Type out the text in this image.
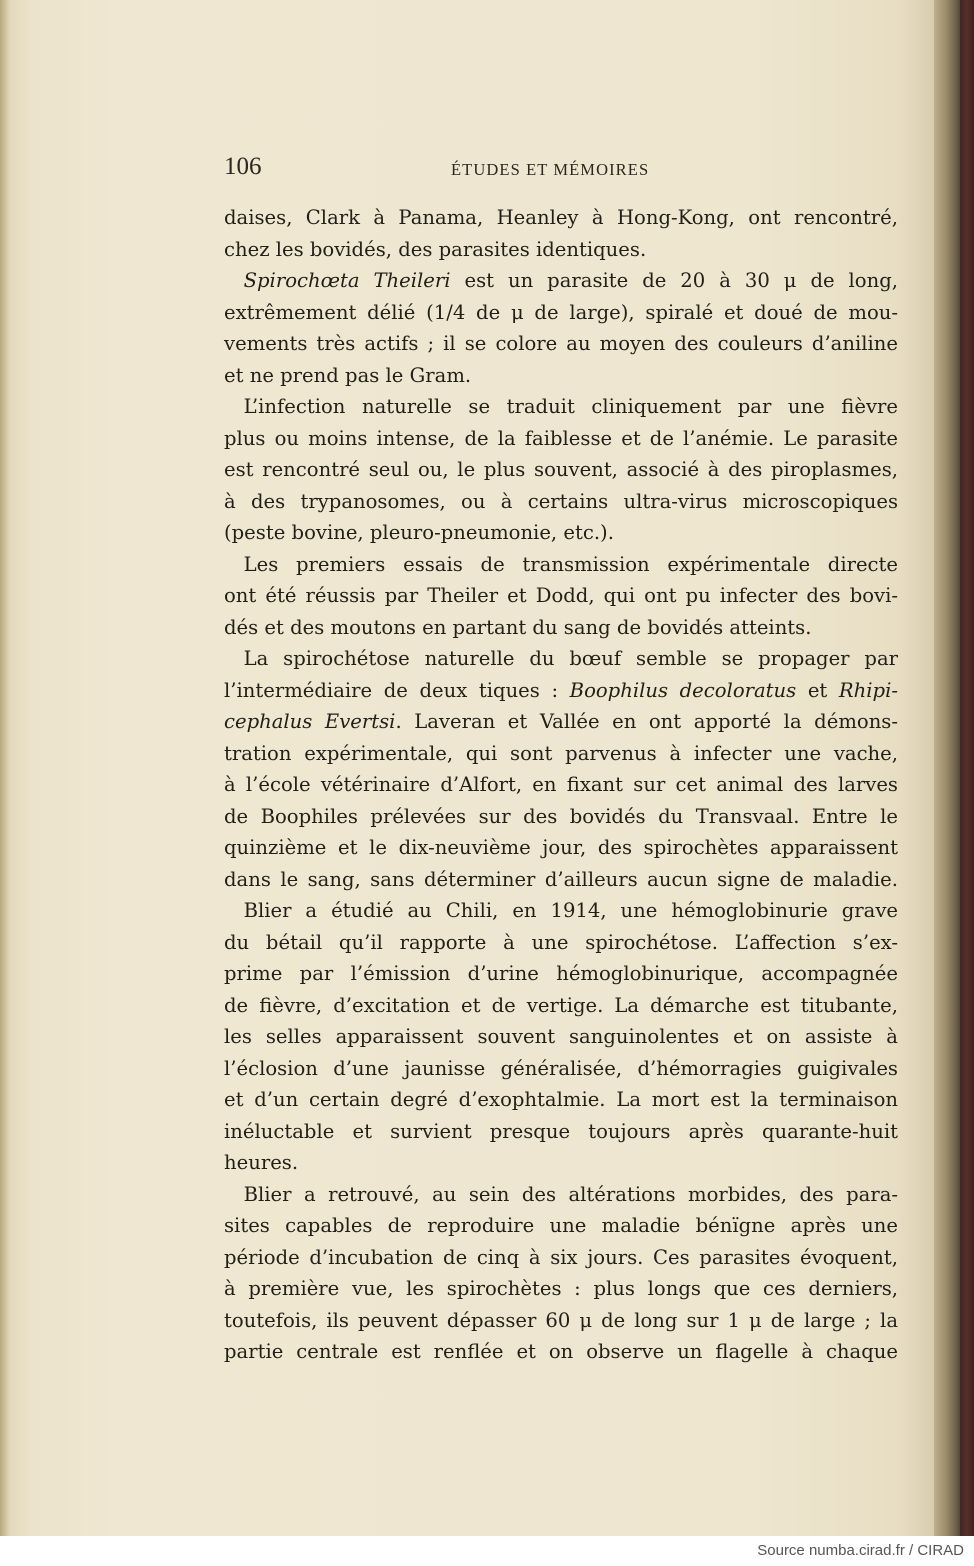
106	ÉTUDES ET MÉMOIRES
daises, Clark à Panama, Heanley à Hong-Kong, ont rencontré,
chez les bovidés, des parasites identiques.
 Spirochœta Theileri est un parasite de 20 à 30 μ de long,
extrêmement délié (1/4 de μ de large), spiralé et doué de mou-
vements très actifs ; il se colore au moyen des couleurs d’aniline
et ne prend pas le Gram.
 L’infection naturelle se traduit cliniquement par une fièvre
plus ou moins intense, de la faiblesse et de l’anémie. Le parasite
est rencontré seul ou, le plus souvent, associé à des piroplasmes,
à des trypanosomes, ou à certains ultra-virus microscopiques
(peste bovine, pleuro-pneumonie, etc.).
 Les premiers essais de transmission expérimentale directe
ont été réussis par Theiler et Dodd, qui ont pu infecter des bovi-
dés et des moutons en partant du sang de bovidés atteints.
 La spirochétose naturelle du bœuf semble se propager par
l’intermédiaire de deux tiques : Boophilus decoloratus et Rhipi-
cephalus Evertsi. Laveran et Vallée en ont apporté la démons-
tration expérimentale, qui sont parvenus à infecter une vache,
à l’école vétérinaire d’Alfort, en fixant sur cet animal des larves
de Boophiles prélevées sur des bovidés du Transvaal. Entre le
quinzième et le dix-neuvième jour, des spirochètes apparaissent
dans le sang, sans déterminer d’ailleurs aucun signe de maladie.
 Blier a étudié au Chili, en 1914, une hémoglobinurie grave
du bétail qu’il rapporte à une spirochétose. L’affection s’ex-
prime par l’émission d’urine hémoglobinurique, accompagnée
de fièvre, d’excitation et de vertige. La démarche est titubante,
les selles apparaissent souvent sanguinolentes et on assiste à
l’éclosion d’une jaunisse généralisée, d’hémorragies guigivales
et d’un certain degré d’exophtalmie. La mort est la terminaison
inéluctable et survient presque toujours après quarante-huit
heures.
 Blier a retrouvé, au sein des altérations morbides, des para-
sites capables de reproduire une maladie bénïgne après une
période d’incubation de cinq à six jours. Ces parasites évoquent,
à première vue, les spirochètes : plus longs que ces derniers,
toutefois, ils peuvent dépasser 60 μ de long sur 1 μ de large ; la
partie centrale est renflée et on observe un flagelle à chaque
Source numba.cirad.fr / CIRAD
